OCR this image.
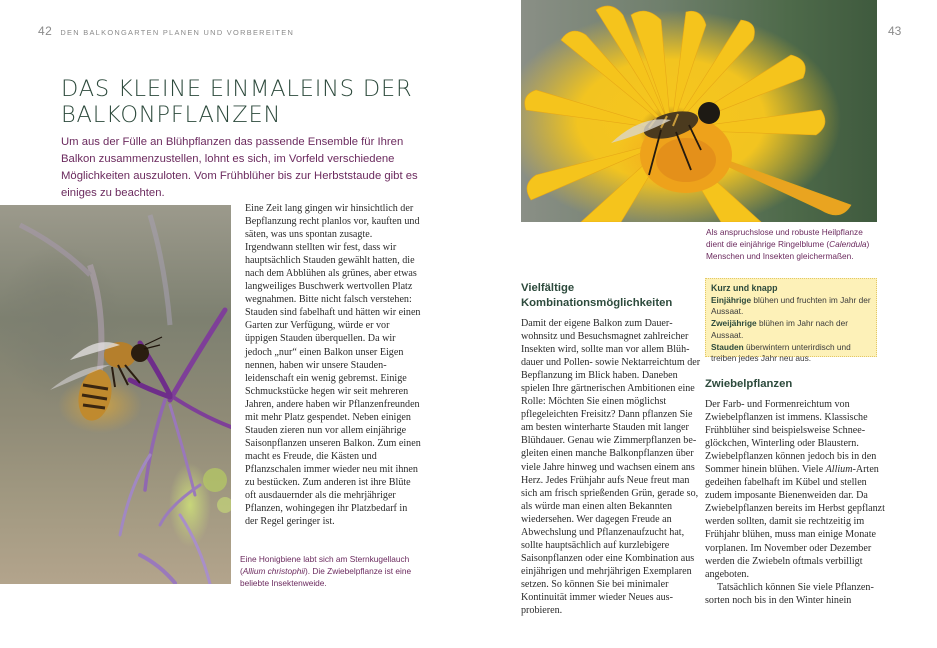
42 DEN BALKONGARTEN PLANEN UND VORBEREITEN
DAS KLEINE EINMALEINS DER BALKONPFLANZEN

Um aus der Fülle an Blühpflanzen das passende Ensemble für Ihren Balkon zusammenzustellen, lohnt es sich, im Vorfeld verschiedene Möglichkeiten auszuloten. Vom Frühblüher bis zur Herbststaude gibt es einiges zu beachten.

Eine Zeit lang gingen wir hinsichtlich der Bepflanzung recht planlos vor, kauften und säten, was uns spontan zusagte. Irgendwann stellten wir fest, dass wir hauptsächlich Stauden gewählt hatten, die nach dem Abblühen als grünes, aber etwas langweiliges Buschwerk wertvollen Platz wegnahmen. Bitte nicht falsch verstehen: Stauden sind fabelhaft und hätten wir einen Garten zur Verfügung, würde er vor üppigen Stauden überquellen. Da wir jedoch „nur“ einen Balkon unser Eigen nennen, haben wir unsere Staudenleidenschaft ein wenig gebremst. Einige Schmuckstücke hegen wir seit mehreren Jahren, andere haben wir Pflanzenfreunden mit mehr Platz gespendet. Neben einigen Stauden zieren nun vor allem einjährige Saisonpflanzen unseren Balkon. Zum einen macht es Freude, die Kästen und Pflanzschalen immer wieder neu mit ihnen zu bestücken. Zum anderen ist ihre Blüte oft ausdauernder als die mehrjähriger Pflanzen, wohingegen ihr Platzbedarf in der Regel geringer ist.

Eine Honigbiene labt sich am Sternkugellauch (Allium christophii). Die Zwiebelpflanze ist eine beliebte Insektenweide.

43

Als anspruchslose und robuste Heilpflanze dient die einjährige Ringelblume (Calendula) Menschen und Insekten gleichermaßen.

Vielfältige Kombinationsmöglichkeiten

Damit der eigene Balkon zum Dauerwohnsitz und Besuchsmagnet zahlreicher Insekten wird, sollte man vor allem Blühdauer und Pollen- sowie Nektarreichtum der Bepflanzung im Blick haben. Daneben spielen Ihre gärtnerischen Ambitionen eine Rolle: Möchten Sie einen möglichst pflegeleichten Freisitz? Dann pflanzen Sie am besten winterharte Stauden mit langer Blühdauer. Genau wie Zimmerpflanzen begleiten einen manche Balkonpflanzen über viele Jahre hinweg und wachsen einem ans Herz. Jedes Frühjahr aufs Neue freut man sich am frisch sprießenden Grün, gerade so, als würde man einen alten Bekannten wiedersehen. Wer dagegen Freude an Abwechslung und Pflanzenaufzucht hat, sollte hauptsächlich auf kurzlebigere Saisonpflanzen oder eine Kombination aus einjährigen und mehrjährigen Exemplaren setzen. So können Sie bei minimaler Kontinuität immer wieder Neues ausprobieren.

Kurz und knapp
Einjährige blühen und fruchten im Jahr der Aussaat.
Zweijährige blühen im Jahr nach der Aussaat.
Stauden überwintern unterirdisch und treiben jedes Jahr neu aus.
Zwiebelpflanzen

Der Farb- und Formenreichtum von Zwiebelpflanzen ist immens. Klassische Frühblüher sind beispielsweise Schneeglöckchen, Winterling oder Blaustern. Zwiebelpflanzen können jedoch bis in den Sommer hinein blühen. Viele Allium-Arten gedeihen fabelhaft im Kübel und stellen zudem imposante Bienenweiden dar. Da Zwiebelpflanzen bereits im Herbst gepflanzt werden sollten, damit sie rechtzeitig im Frühjahr blühen, muss man einige Monate vorplanen. Im November oder Dezember werden die Zwiebeln oftmals verbilligt angeboten.

Tatsächlich können Sie viele Pflanzensorten noch bis in den Winter hinein
